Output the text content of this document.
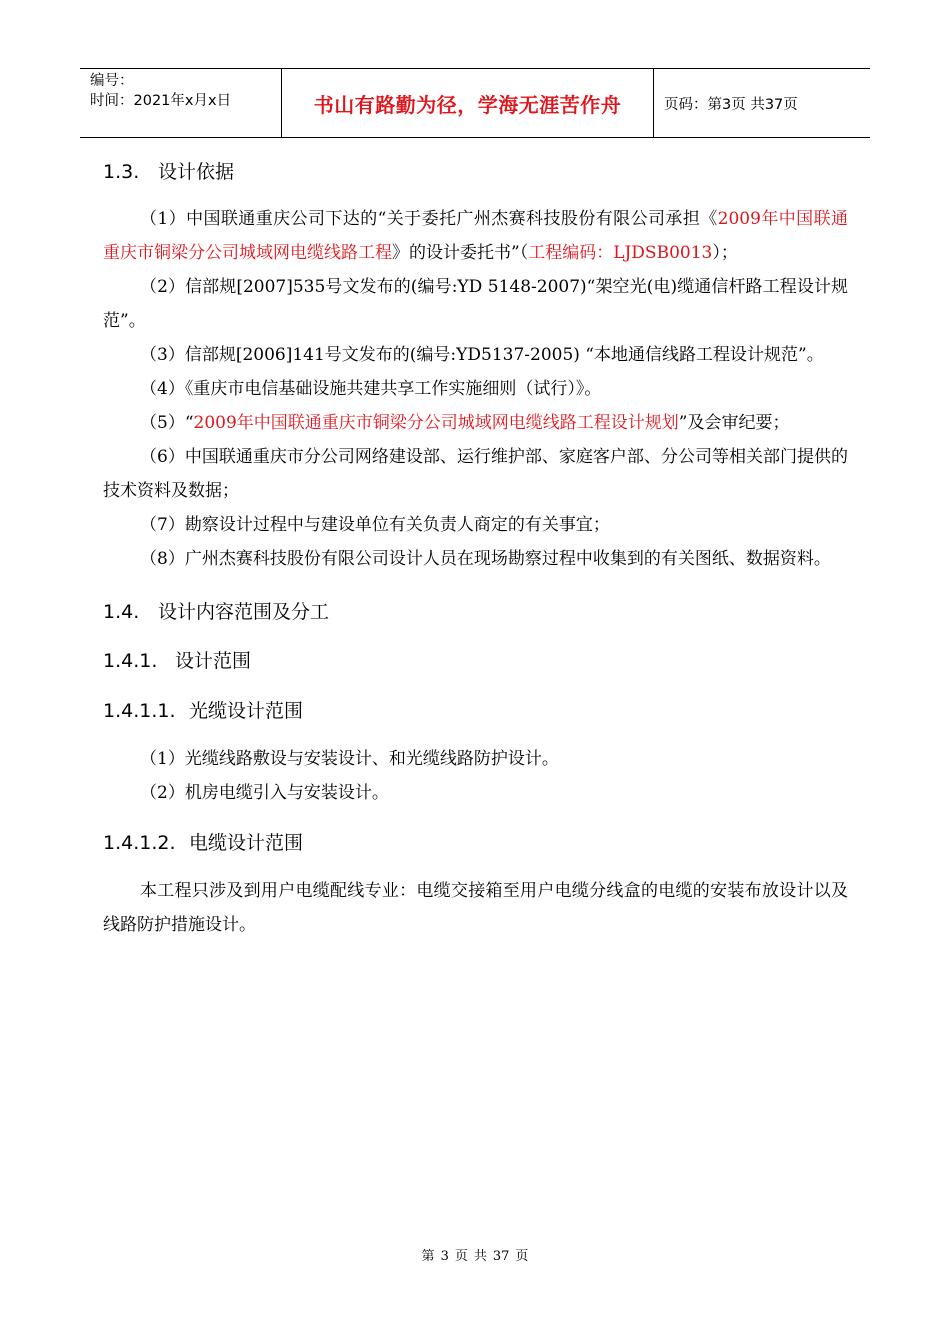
编号：
时间：2021年x月x日	书山有路勤为径，学海无涯苦作舟	页码：第3页 共37页
1.3. 设计依据

（1）中国联通重庆公司下达的“关于委托广州杰赛科技股份有限公司承担《2009年中国联通重庆市铜梁分公司城域网电缆线路工程》的设计委托书”（工程编码：LJDSB0013）；

（2）信部规[2007]535号文发布的(编号:YD 5148-2007)“架空光(电)缆通信杆路工程设计规范”。

（3）信部规[2006]141号文发布的(编号:YD5137-2005) “本地通信线路工程设计规范”。

（4）《重庆市电信基础设施共建共享工作实施细则（试行）》。

（5）“2009年中国联通重庆市铜梁分公司城域网电缆线路工程设计规划”及会审纪要；

（6）中国联通重庆市分公司网络建设部、运行维护部、家庭客户部、分公司等相关部门提供的技术资料及数据；

（7）勘察设计过程中与建设单位有关负责人商定的有关事宜；

（8）广州杰赛科技股份有限公司设计人员在现场勘察过程中收集到的有关图纸、数据资料。

1.4. 设计内容范围及分工
1.4.1. 设计范围
1.4.1.1. 光缆设计范围

（1）光缆线路敷设与安装设计、和光缆线路防护设计。

（2）机房电缆引入与安装设计。

1.4.1.2. 电缆设计范围

本工程只涉及到用户电缆配线专业：电缆交接箱至用户电缆分线盒的电缆的安装布放设计以及线路防护措施设计。

第 3 页 共 37 页
